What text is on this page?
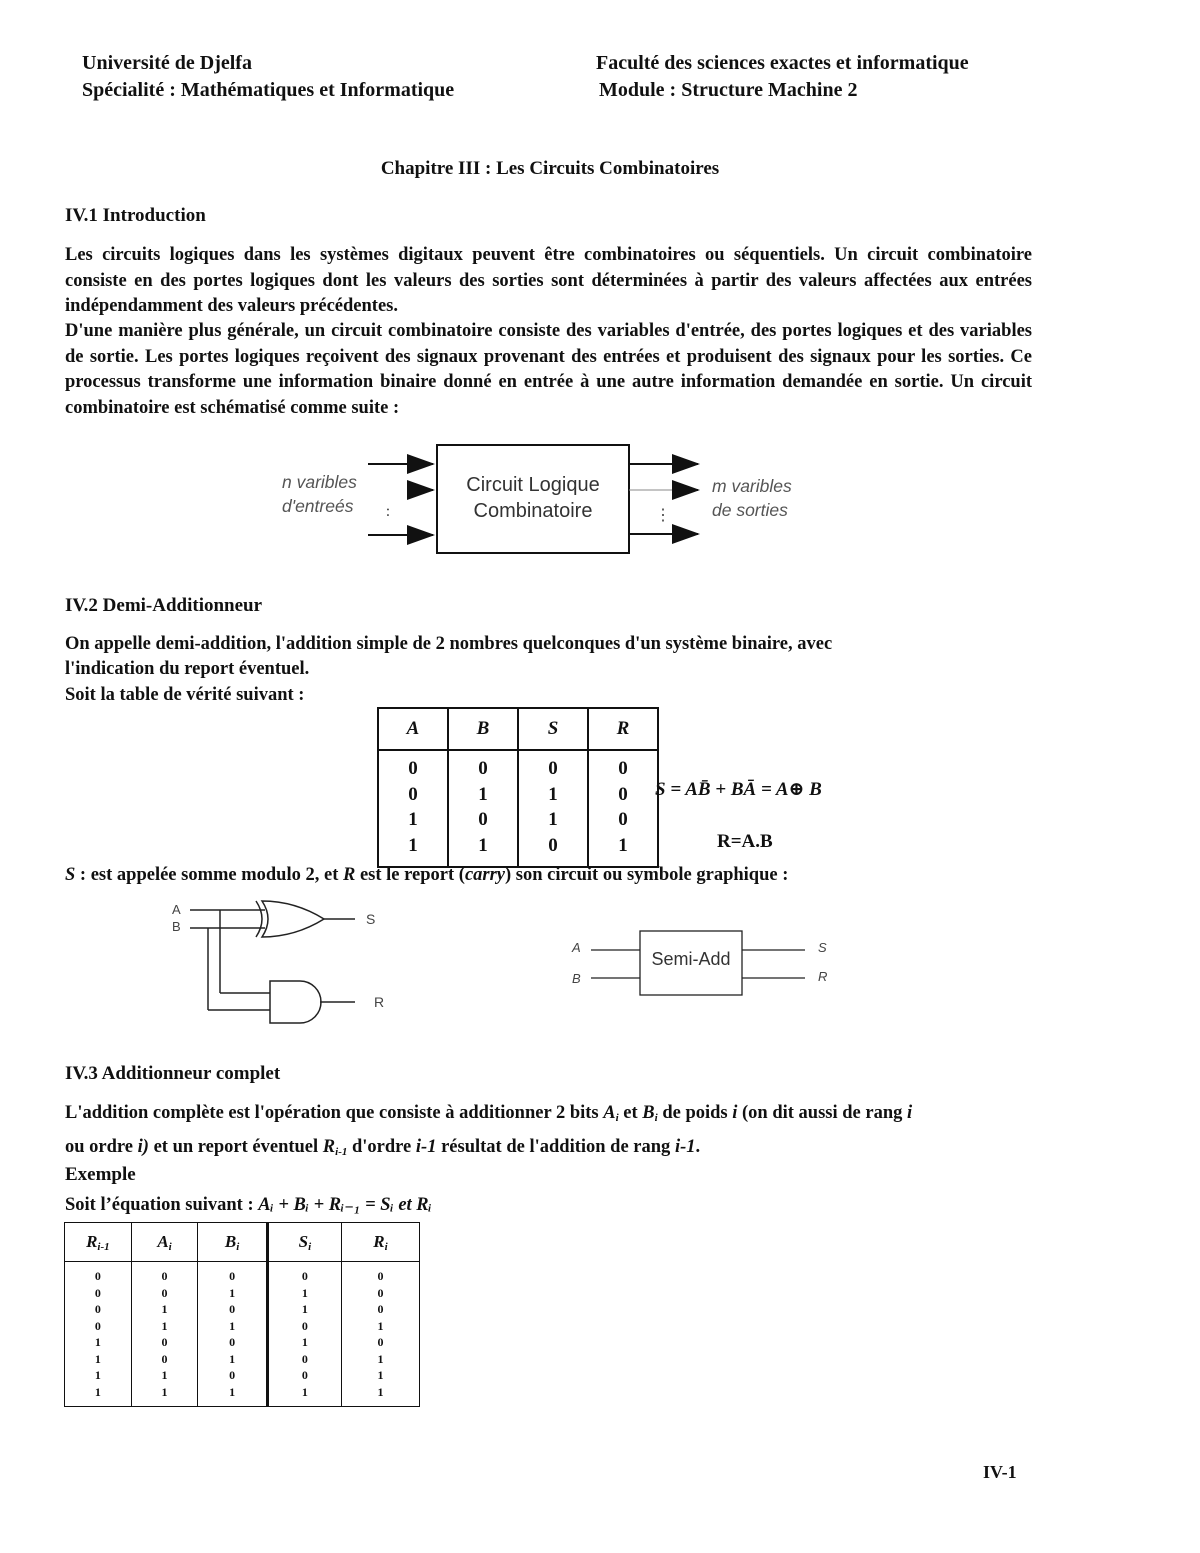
Université de Djelfa
Spécialité : Mathématiques et Informatique
Faculté des sciences exactes et informatique
Module : Structure Machine 2
Chapitre III : Les Circuits Combinatoires
IV.1 Introduction
Les circuits logiques dans les systèmes digitaux peuvent être combinatoires ou séquentiels. Un circuit combinatoire consiste en des portes logiques dont les valeurs des sorties sont déterminées à partir des valeurs affectées aux entrées indépendamment des valeurs précédentes.
D'une manière plus générale, un circuit combinatoire consiste des variables d'entrée, des portes logiques et des variables de sortie. Les portes logiques reçoivent des signaux provenant des entrées et produisent des signaux pour les sorties. Ce processus transforme une information binaire donné en entrée à une autre information demandée en sortie. Un circuit combinatoire est schématisé comme suite :
:	⋮
n varibles
d'entreés
Circuit Logique
Combinatoire
m varibles
de sorties
IV.2 Demi-Additionneur
On appelle demi-addition, l'addition simple de 2 nombres quelconques d'un système binaire, avec
l'indication du report éventuel.
Soit la table de vérité suivant :
A	B	S	R
0	0	0	0
0	1	1	0
1	0	1	0
1	1	0	1
S = AB̄ + BĀ = A⊕ B
R=A.B
S : est appelée somme modulo 2, et R est le report (carry) son circuit ou symbole graphique :
A
B	S
R
Semi-Add
A
B
S
R
IV.3 Additionneur complet
L'addition complète est l'opération que consiste à additionner 2 bits $A_i$ et $B_i$ de poids i (on dit aussi de rang i
ou ordre i) et un report éventuel $R_{i-1}$ d'ordre i-1 résultat de l'addition de rang i-1.
Exemple
Soit l’équation suivant : Aᵢ + Bᵢ + Rᵢ₋₁ = Sᵢ et Rᵢ
$R_{i-1}$	$A_i$	$B_i$	$S_i$	$R_i$
0	0	0	0	0
0	0	1	1	0
0	1	0	1	0
0	1	1	0	1
1	0	0	1	0
1	0	1	0	1
1	1	0	0	1
1	1	1	1	1
IV-1
